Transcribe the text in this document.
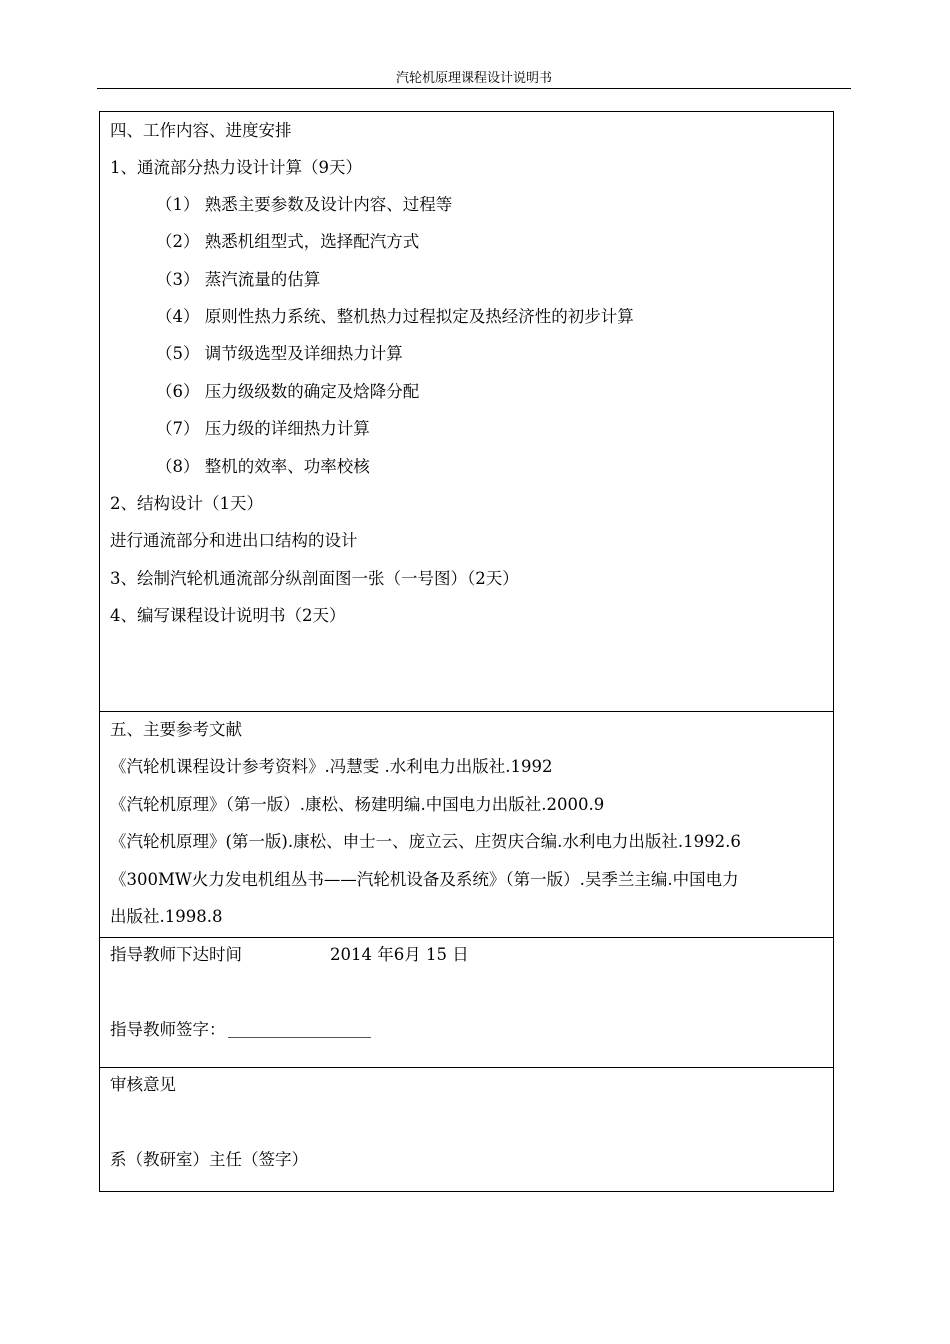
汽轮机原理课程设计说明书
四、工作内容、进度安排
1、通流部分热力设计计算（9天）
（1） 熟悉主要参数及设计内容、过程等
（2） 熟悉机组型式，选择配汽方式
（3） 蒸汽流量的估算
（4） 原则性热力系统、整机热力过程拟定及热经济性的初步计算
（5） 调节级选型及详细热力计算
（6） 压力级级数的确定及焓降分配
（7） 压力级的详细热力计算
（8） 整机的效率、功率校核
2、结构设计（1天）
进行通流部分和进出口结构的设计
3、绘制汽轮机通流部分纵剖面图一张（一号图）（2天）
4、编写课程设计说明书（2天）
五、主要参考文献
《汽轮机课程设计参考资料》.冯慧雯 .水利电力出版社.1992
《汽轮机原理》（第一版）.康松、杨建明编.中国电力出版社.2000.9
《汽轮机原理》(第一版).康松、申士一、庞立云、庄贺庆合编.水利电力出版社.1992.6
《300MW火力发电机组丛书——汽轮机设备及系统》（第一版）.吴季兰主编.中国电力
出版社.1998.8
指导教师下达时间	2014 年6月 15 日
指导教师签字：
审核意见
系（教研室）主任（签字）
